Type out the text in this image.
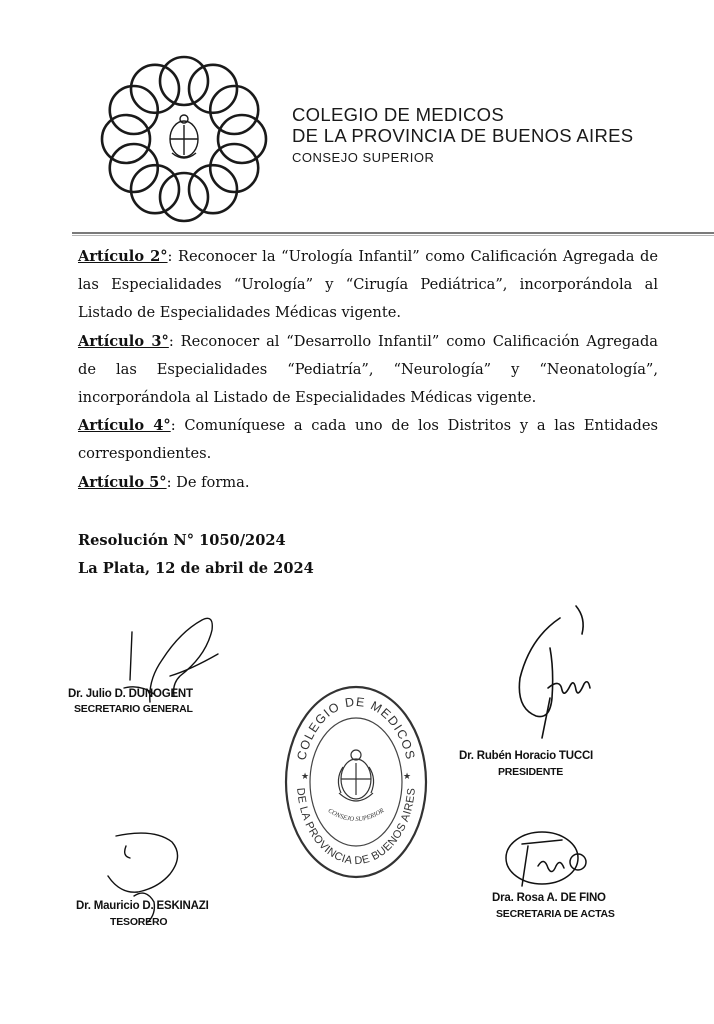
COLEGIO DE MEDICOS
DE LA PROVINCIA DE BUENOS AIRES
CONSEJO SUPERIOR

Artículo 2°: Reconocer la “Urología Infantil” como Calificación Agregada de las Especialidades “Urología” y “Cirugía Pediátrica”, incorporándola al Listado de Especialidades Médicas vigente.

Artículo 3°: Reconocer al “Desarrollo Infantil” como Calificación Agregada de las Especialidades “Pediatría”, “Neurología” y “Neonatología”, incorporándola al Listado de Especialidades Médicas vigente.

Artículo 4°: Comuníquese a cada uno de los Distritos y a las Entidades correspondientes.

Artículo 5°: De forma.

Resolución N° 1050/2024
La Plata, 12 de abril de 2024
Dr. Julio D. DUNOGENT
SECRETARIO GENERAL
Dr. Rubén Horacio TUCCI
PRESIDENTE
COLEGIO DE MEDICOS
DE LA PROVINCIA DE BUENOS AIRES
CONSEJO SUPERIOR
★	★
Dr. Mauricio D. ESKINAZI
TESORERO
Dra. Rosa A. DE FINO
SECRETARIA DE ACTAS
